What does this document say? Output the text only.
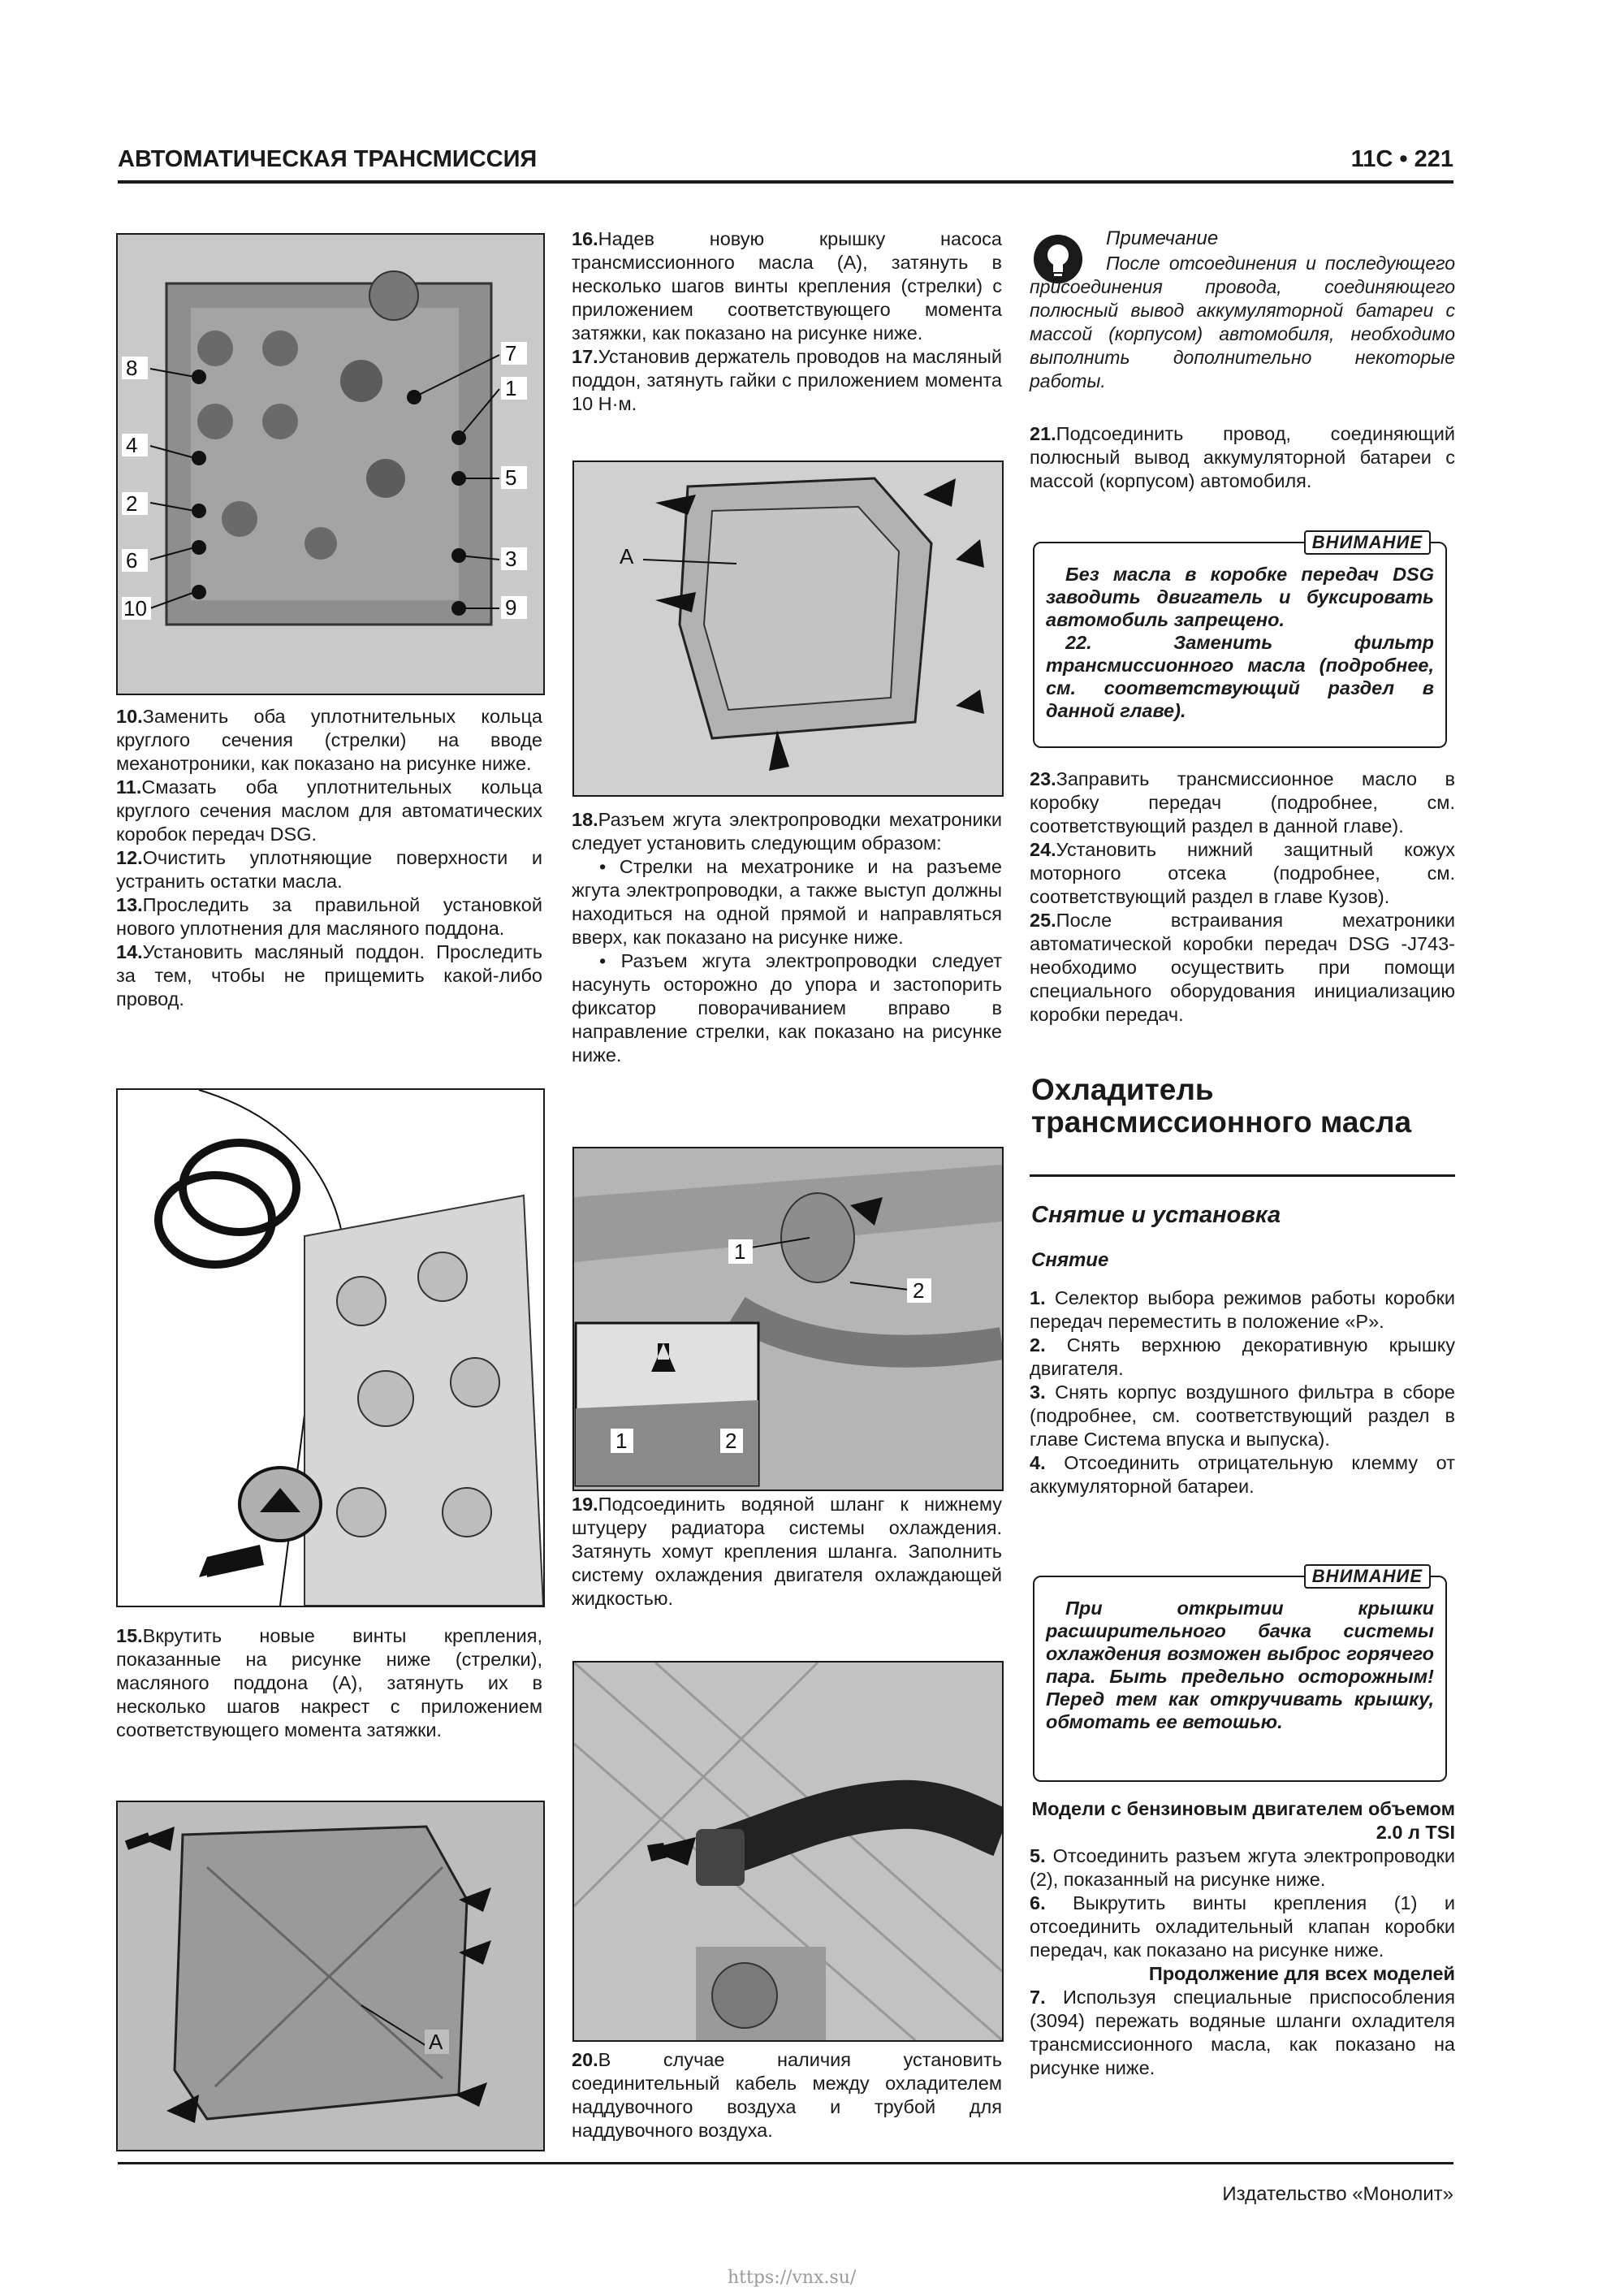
АВТОМАТИЧЕСКАЯ ТРАНСМИССИЯ	11C • 221
8
4
2
6
10
7
1
5
3
9

10.Заменить оба уплотнительных кольца круглого сечения (стрелки) на вводе механотроники, как показано на рисунке ниже.

11.Смазать оба уплотнительных кольца круглого сечения маслом для автоматических коробок передач DSG.

12.Очистить уплотняющие поверхности и устранить остатки масла.

13.Проследить за правильной установкой нового уплотнения для масляного поддона.

14.Установить масляный поддон. Проследить за тем, чтобы не прищемить какой-либо провод.

15.Вкрутить новые винты крепления, показанные на рисунке ниже (стрелки), масляного поддона (А), затянуть их в несколько шагов накрест с приложением соответствующего момента затяжки.

A

16.Надев новую крышку насоса трансмиссионного масла (А), затянуть в несколько шагов винты крепления (стрелки) с приложением соответствующего момента затяжки, как показано на рисунке ниже.

17.Установив держатель проводов на масляный поддон, затянуть гайки с приложением момента 10 Н·м.

A

18.Разъем жгута электропроводки мехатроники следует установить следующим образом:

• Стрелки на мехатронике и на разъеме жгута электропроводки, а также выступ должны находиться на одной прямой и направляться вверх, как показано на рисунке ниже.

• Разъем жгута электропроводки следует насунуть осторожно до упора и застопорить фиксатор поворачиванием вправо в направление стрелки, как показано на рисунке ниже.

1
2
1	2

19.Подсоединить водяной шланг к нижнему штуцеру радиатора системы охлаждения. Затянуть хомут крепления шланга. Заполнить систему охлаждения двигателя охлаждающей жидкостью.

20.В случае наличия установить соединительный кабель между охладителем наддувочного воздуха и трубой для наддувочного воздуха.

Примечание
После отсоединения и последующего присоединения провода, соединяющего полюсный вывод аккумуляторной батареи с массой (корпусом) автомобиля, необходимо выполнить дополнительно некоторые работы.

21.Подсоединить провод, соединяющий полюсный вывод аккумуляторной батареи с массой (корпусом) автомобиля.

ВНИМАНИЕ
Без масла в коробке передач DSG заводить двигатель и буксировать автомобиль запрещено.
22. Заменить фильтр трансмиссионного масла (подробнее, см. соответствующий раздел в данной главе).

23.Заправить трансмиссионное масло в коробку передач (подробнее, см. соответствующий раздел в данной главе).

24.Установить нижний защитный кожух моторного отсека (подробнее, см. соответствующий раздел в главе Кузов).

25.После встраивания мехатроники автоматической коробки передач DSG -J743- необходимо осуществить при помощи специального оборудования инициализацию коробки передач.

Охладитель трансмиссионного масла
Снятие и установка
Снятие

1. Селектор выбора режимов работы коробки передач переместить в положение «P».

2. Снять верхнюю декоративную крышку двигателя.

3. Снять корпус воздушного фильтра в сборе (подробнее, см. соответствующий раздел в главе Система впуска и выпуска).

4. Отсоединить отрицательную клемму от аккумуляторной батареи.

ВНИМАНИЕ
При открытии крышки расширительного бачка системы охлаждения возможен выброс горячего пара. Быть предельно осторожным! Перед тем как откручивать крышку, обмотать ее ветошью.

Модели с бензиновым двигателем объемом 2.0 л TSI

5. Отсоединить разъем жгута электропроводки (2), показанный на рисунке ниже.

6. Выкрутить винты крепления (1) и отсоединить охладительный клапан коробки передач, как показано на рисунке ниже.

Продолжение для всех моделей

7. Используя специальные приспособления (3094) пережать водяные шланги охладителя трансмиссионного масла, как показано на рисунке ниже.

Издательство «Монолит»
https://vnx.su/
